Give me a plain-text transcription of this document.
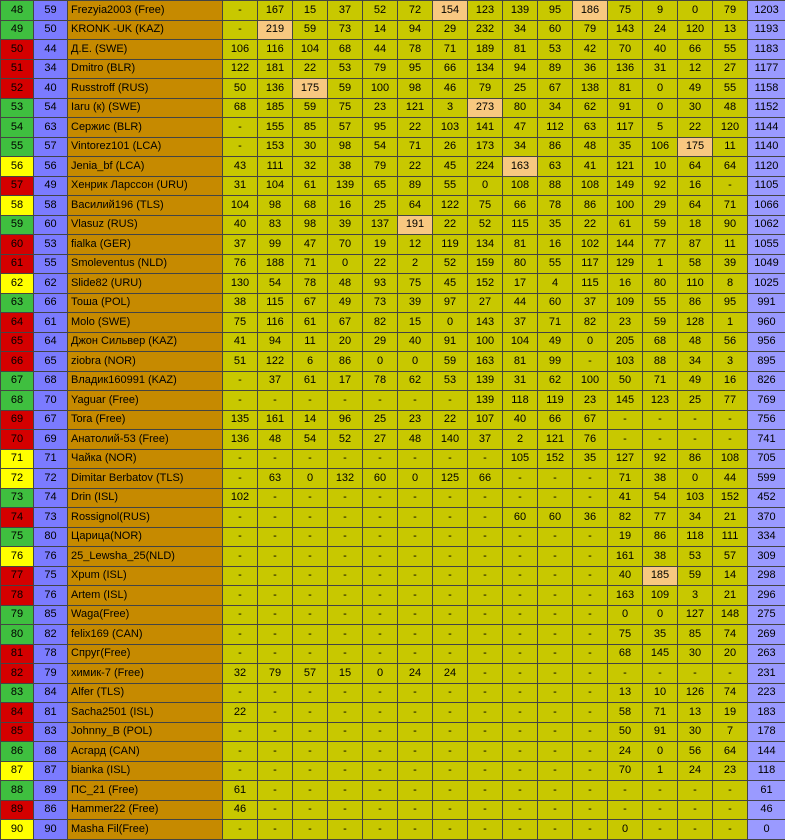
48	59	Frezyia2003 (Free)	-	167	15	37	52	72	154	123	139	95	186	75	9	0	79	1203
49	50	KRONK -UK (KAZ)	-	219	59	73	14	94	29	232	34	60	79	143	24	120	13	1193
50	44	Д.Е. (SWE)	106	116	104	68	44	78	71	189	81	53	42	70	40	66	55	1183
51	34	Dmitro (BLR)	122	181	22	53	79	95	66	134	94	89	36	136	31	12	27	1177
52	40	Russtroff (RUS)	50	136	175	59	100	98	46	79	25	67	138	81	0	49	55	1158
53	54	Iaru (к) (SWE)	68	185	59	75	23	121	3	273	80	34	62	91	0	30	48	1152
54	63	Сержис (BLR)	-	155	85	57	95	22	103	141	47	112	63	117	5	22	120	1144
55	57	Vintorez101 (LCA)	-	153	30	98	54	71	26	173	34	86	48	35	106	175	11	1140
56	56	Jenia_bf (LCA)	43	111	32	38	79	22	45	224	163	63	41	121	10	64	64	1120
57	49	Хенрик Ларссон (URU)	31	104	61	139	65	89	55	0	108	88	108	149	92	16	-	1105
58	58	Василий196 (TLS)	104	98	68	16	25	64	122	75	66	78	86	100	29	64	71	1066
59	60	Vlasuz (RUS)	40	83	98	39	137	191	22	52	115	35	22	61	59	18	90	1062
60	53	fialka (GER)	37	99	47	70	19	12	119	134	81	16	102	144	77	87	11	1055
61	55	Smoleventus (NLD)	76	188	71	0	22	2	52	159	80	55	117	129	1	58	39	1049
62	62	Slide82 (URU)	130	54	78	48	93	75	45	152	17	4	115	16	80	110	8	1025
63	66	Тоша (POL)	38	115	67	49	73	39	97	27	44	60	37	109	55	86	95	991
64	61	Molo (SWE)	75	116	61	67	82	15	0	143	37	71	82	23	59	128	1	960
65	64	Джон Сильвер (KAZ)	41	94	11	20	29	40	91	100	104	49	0	205	68	48	56	956
66	65	ziobra (NOR)	51	122	6	86	0	0	59	163	81	99	-	103	88	34	3	895
67	68	Владик160991 (KAZ)	-	37	61	17	78	62	53	139	31	62	100	50	71	49	16	826
68	70	Yaguar (Free)	-	-	-	-	-	-	-	139	118	119	23	145	123	25	77	769
69	67	Tora (Free)	135	161	14	96	25	23	22	107	40	66	67	-	-	-	-	756
70	69	Анатолий-53 (Free)	136	48	54	52	27	48	140	37	2	121	76	-	-	-	-	741
71	71	Чайка (NOR)	-	-	-	-	-	-	-	-	105	152	35	127	92	86	108	705
72	72	Dimitar Berbatov (TLS)	-	63	0	132	60	0	125	66	-	-	-	71	38	0	44	599
73	74	Drin (ISL)	102	-	-	-	-	-	-	-	-	-	-	41	54	103	152	452
74	73	Rossignol(RUS)	-	-	-	-	-	-	-	-	60	60	36	82	77	34	21	370
75	80	Царица(NOR)	-	-	-	-	-	-	-	-	-	-	-	19	86	118	111	334
76	76	25_Lewsha_25(NLD)	-	-	-	-	-	-	-	-	-	-	-	161	38	53	57	309
77	75	Хрum (ISL)	-	-	-	-	-	-	-	-	-	-	-	40	185	59	14	298
78	76	Artem (ISL)	-	-	-	-	-	-	-	-	-	-	-	163	109	3	21	296
79	85	Waga(Free)	-	-	-	-	-	-	-	-	-	-	-	0	0	127	148	275
80	82	felix169 (CAN)	-	-	-	-	-	-	-	-	-	-	-	75	35	85	74	269
81	78	Спруг(Free)	-	-	-	-	-	-	-	-	-	-	-	68	145	30	20	263
82	79	химик-7 (Free)	32	79	57	15	0	24	24	-	-	-	-	-	-	-	-	231
83	84	Alfer (TLS)	-	-	-	-	-	-	-	-	-	-	-	13	10	126	74	223
84	81	Sacha2501 (ISL)	22	-	-	-	-	-	-	-	-	-	-	58	71	13	19	183
85	83	Johnny_B (POL)	-	-	-	-	-	-	-	-	-	-	-	50	91	30	7	178
86	88	Асгард (CAN)	-	-	-	-	-	-	-	-	-	-	-	24	0	56	64	144
87	87	bianka (ISL)	-	-	-	-	-	-	-	-	-	-	-	70	1	24	23	118
88	89	ПС_21 (Free)	61	-	-	-	-	-	-	-	-	-	-	-	-	-	-	61
89	86	Hammer22 (Free)	46	-	-	-	-	-	-	-	-	-	-	-	-	-	-	46
90	90	Masha Fil(Free)	-	-	-	-	-	-	-	-	-	-	-	0	-	-	-	0
